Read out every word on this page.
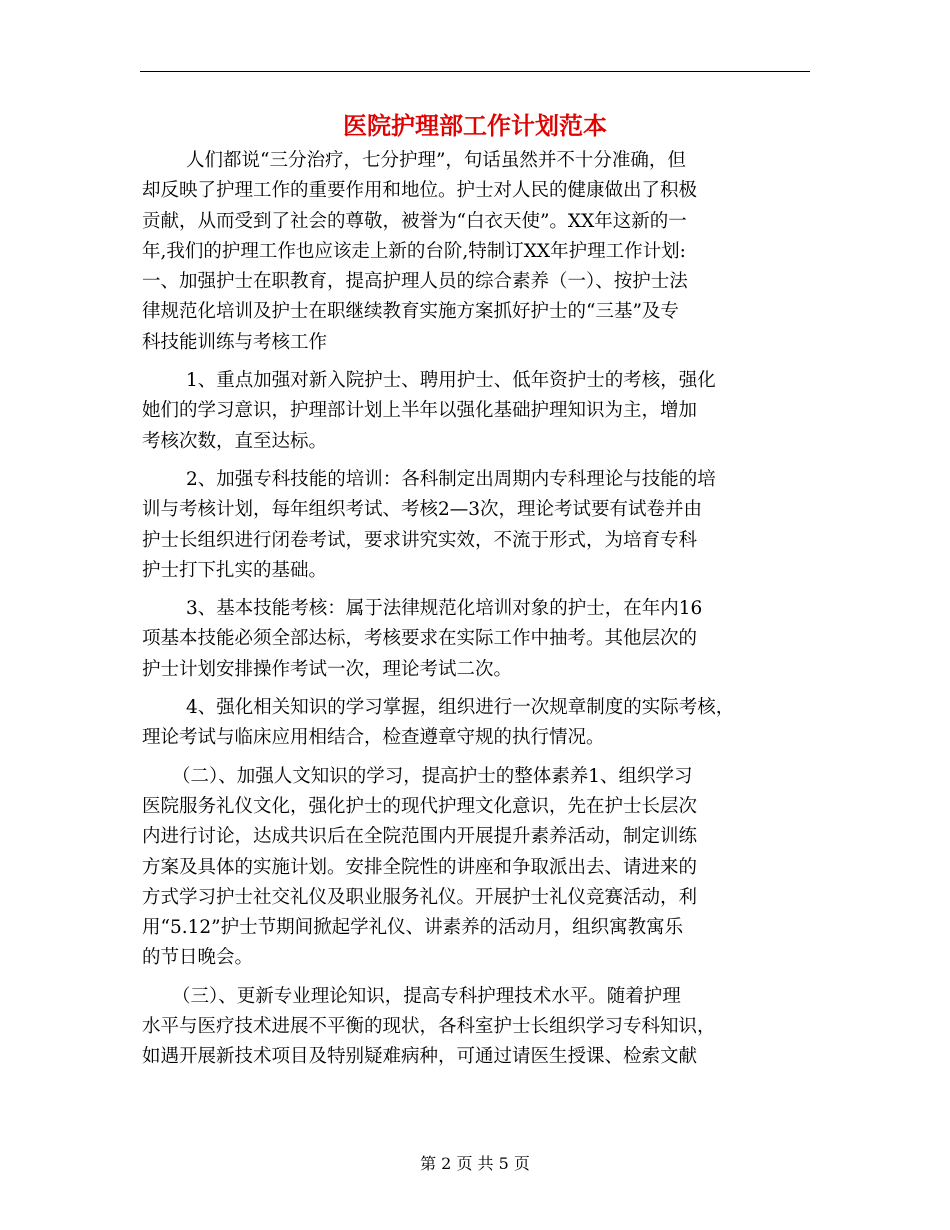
医院护理部工作计划范本

人们都说“三分治疗，七分护理”，句话虽然并不十分准确，但
却反映了护理工作的重要作用和地位。护士对人民的健康做出了积极
贡献，从而受到了社会的尊敬，被誉为“白衣天使”。XX年这新的一
年,我们的护理工作也应该走上新的台阶,特制订XX年护理工作计划:

一、加强护士在职教育，提高护理人员的综合素养（一）、按护士法
律规范化培训及护士在职继续教育实施方案抓好护士的“三基”及专
科技能训练与考核工作

1、重点加强对新入院护士、聘用护士、低年资护士的考核，强化
她们的学习意识，护理部计划上半年以强化基础护理知识为主，增加
考核次数，直至达标。

2、加强专科技能的培训：各科制定出周期内专科理论与技能的培
训与考核计划，每年组织考试、考核2—3次，理论考试要有试卷并由
护士长组织进行闭卷考试，要求讲究实效，不流于形式，为培育专科
护士打下扎实的基础。

3、基本技能考核：属于法律规范化培训对象的护士，在年内16
项基本技能必须全部达标，考核要求在实际工作中抽考。其他层次的
护士计划安排操作考试一次，理论考试二次。

4、强化相关知识的学习掌握，组织进行一次规章制度的实际考核，
理论考试与临床应用相结合，检查遵章守规的执行情况。

（二）、加强人文知识的学习，提高护士的整体素养1、组织学习
医院服务礼仪文化，强化护士的现代护理文化意识，先在护士长层次
内进行讨论，达成共识后在全院范围内开展提升素养活动，制定训练
方案及具体的实施计划。安排全院性的讲座和争取派出去、请进来的
方式学习护士社交礼仪及职业服务礼仪。开展护士礼仪竞赛活动，利
用“5.12”护士节期间掀起学礼仪、讲素养的活动月，组织寓教寓乐
的节日晚会。

（三）、更新专业理论知识，提高专科护理技术水平。随着护理
水平与医疗技术进展不平衡的现状，各科室护士长组织学习专科知识，
如遇开展新技术项目及特别疑难病种，可通过请医生授课、检索文献

第 2 页 共 5 页
